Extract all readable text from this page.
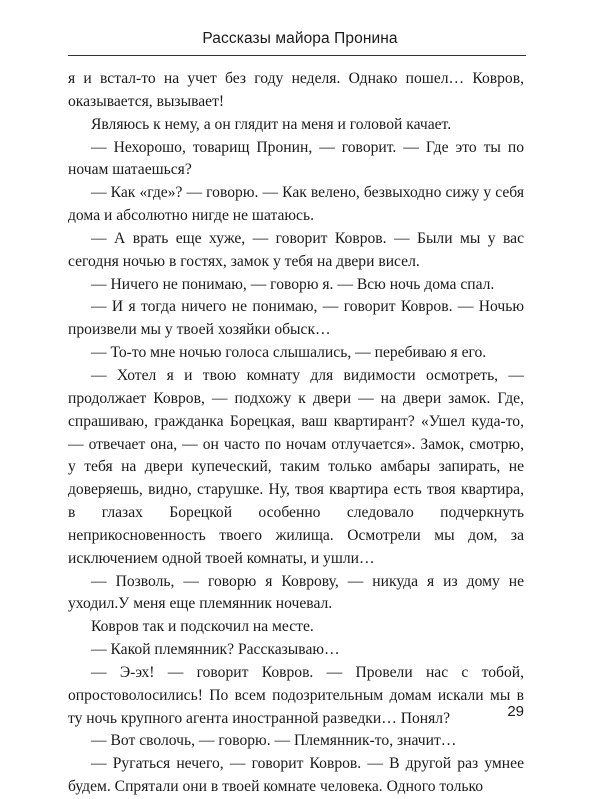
Рассказы майора Пронина

я и встал-то на учет без году неделя. Однако пошел… Ковров, оказывается, вызывает!

Являюсь к нему, а он глядит на меня и головой качает.

— Нехорошо, товарищ Пронин, — говорит. — Где это ты по ночам шатаешься?

— Как «где»? — говорю. — Как велено, безвыходно сижу у себя дома и абсолютно нигде не шатаюсь.

— А врать еще хуже, — говорит Ковров. — Были мы у вас сегодня ночью в гостях, замок у тебя на двери висел.

— Ничего не понимаю, — говорю я. — Всю ночь дома спал.

— И я тогда ничего не понимаю, — говорит Ковров. — Ночью произвели мы у твоей хозяйки обыск…

— То-то мне ночью голоса слышались, — перебиваю я его.

— Хотел я и твою комнату для видимости осмотреть, — продолжает Ковров, — подхожу к двери — на двери замок. Где, спрашиваю, гражданка Борецкая, ваш квартирант? «Ушел куда-то, — отвечает она, — он часто по ночам отлучается». Замок, смотрю, у тебя на двери купеческий, таким только амбары запирать, не доверяешь, видно, старушке. Ну, твоя квартира есть твоя квартира, в глазах Борецкой особенно следовало подчеркнуть неприкосновенность твоего жилища. Осмотрели мы дом, за исключением одной твоей комнаты, и ушли…

— Позволь, — говорю я Коврову, — никуда я из дому не уходил.У меня еще племянник ночевал.

Ковров так и подскочил на месте.

— Какой племянник? Рассказываю…

— Э-эх! — говорит Ковров. — Провели нас с тобой, опростоволосились! По всем подозрительным домам искали мы в ту ночь крупного агента иностранной разведки… Понял?

— Вот сволочь, — говорю. — Племянник-то, значит…

— Ругаться нечего, — говорит Ковров. — В другой раз умнее будем. Спрятали они в твоей комнате человека. Одного только

29
